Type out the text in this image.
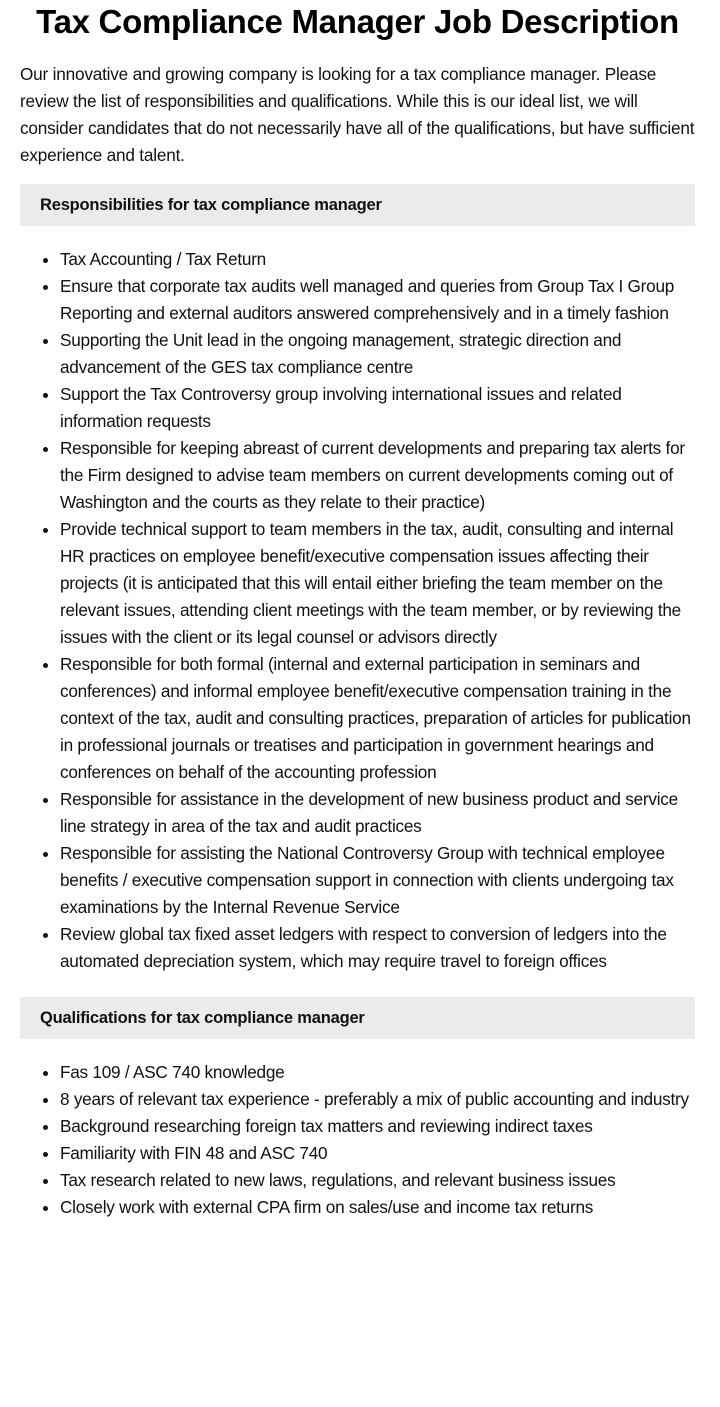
Tax Compliance Manager Job Description

Our innovative and growing company is looking for a tax compliance manager. Please review the list of responsibilities and qualifications. While this is our ideal list, we will consider candidates that do not necessarily have all of the qualifications, but have sufficient experience and talent.

Responsibilities for tax compliance manager
• Tax Accounting / Tax Return
• Ensure that corporate tax audits well managed and queries from Group Tax I Group Reporting and external auditors answered comprehensively and in a timely fashion
• Supporting the Unit lead in the ongoing management, strategic direction and advancement of the GES tax compliance centre
• Support the Tax Controversy group involving international issues and related information requests
• Responsible for keeping abreast of current developments and preparing tax alerts for the Firm designed to advise team members on current developments coming out of Washington and the courts as they relate to their practice)
• Provide technical support to team members in the tax, audit, consulting and internal HR practices on employee benefit/executive compensation issues affecting their projects (it is anticipated that this will entail either briefing the team member on the relevant issues, attending client meetings with the team member, or by reviewing the issues with the client or its legal counsel or advisors directly
• Responsible for both formal (internal and external participation in seminars and conferences) and informal employee benefit/executive compensation training in the context of the tax, audit and consulting practices, preparation of articles for publication in professional journals or treatises and participation in government hearings and conferences on behalf of the accounting profession
• Responsible for assistance in the development of new business product and service line strategy in area of the tax and audit practices
• Responsible for assisting the National Controversy Group with technical employee benefits / executive compensation support in connection with clients undergoing tax examinations by the Internal Revenue Service
• Review global tax fixed asset ledgers with respect to conversion of ledgers into the automated depreciation system, which may require travel to foreign offices
Qualifications for tax compliance manager
• Fas 109 / ASC 740 knowledge
• 8 years of relevant tax experience - preferably a mix of public accounting and industry
• Background researching foreign tax matters and reviewing indirect taxes
• Familiarity with FIN 48 and ASC 740
• Tax research related to new laws, regulations, and relevant business issues
• Closely work with external CPA firm on sales/use and income tax returns
